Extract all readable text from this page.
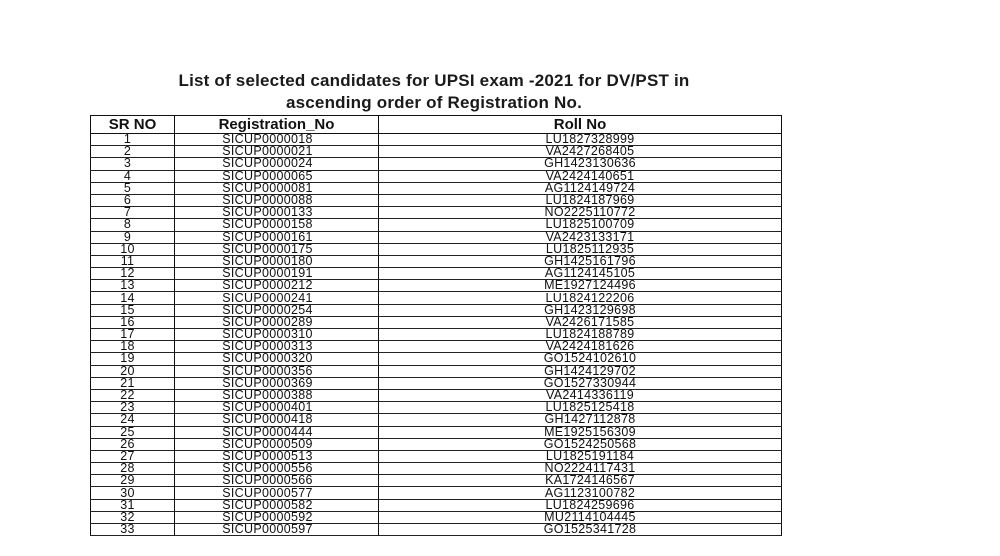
List of selected candidates for UPSI exam -2021 for DV/PST in
ascending order of Registration No.
SR NO	Registration_No	Roll No
1	SICUP0000018	LU1827328999
2	SICUP0000021	VA2427268405
3	SICUP0000024	GH1423130636
4	SICUP0000065	VA2424140651
5	SICUP0000081	AG1124149724
6	SICUP0000088	LU1824187969
7	SICUP0000133	NO2225110772
8	SICUP0000158	LU1825100709
9	SICUP0000161	VA2423133171
10	SICUP0000175	LU1825112935
11	SICUP0000180	GH1425161796
12	SICUP0000191	AG1124145105
13	SICUP0000212	ME1927124496
14	SICUP0000241	LU1824122206
15	SICUP0000254	GH1423129698
16	SICUP0000289	VA2426171585
17	SICUP0000310	LU1824188789
18	SICUP0000313	VA2424181626
19	SICUP0000320	GO1524102610
20	SICUP0000356	GH1424129702
21	SICUP0000369	GO1527330944
22	SICUP0000388	VA2414336119
23	SICUP0000401	LU1825125418
24	SICUP0000418	GH1427112878
25	SICUP0000444	ME1925156309
26	SICUP0000509	GO1524250568
27	SICUP0000513	LU1825191184
28	SICUP0000556	NO2224117431
29	SICUP0000566	KA1724146567
30	SICUP0000577	AG1123100782
31	SICUP0000582	LU1824259696
32	SICUP0000592	MU2114104445
33	SICUP0000597	GO1525341728
